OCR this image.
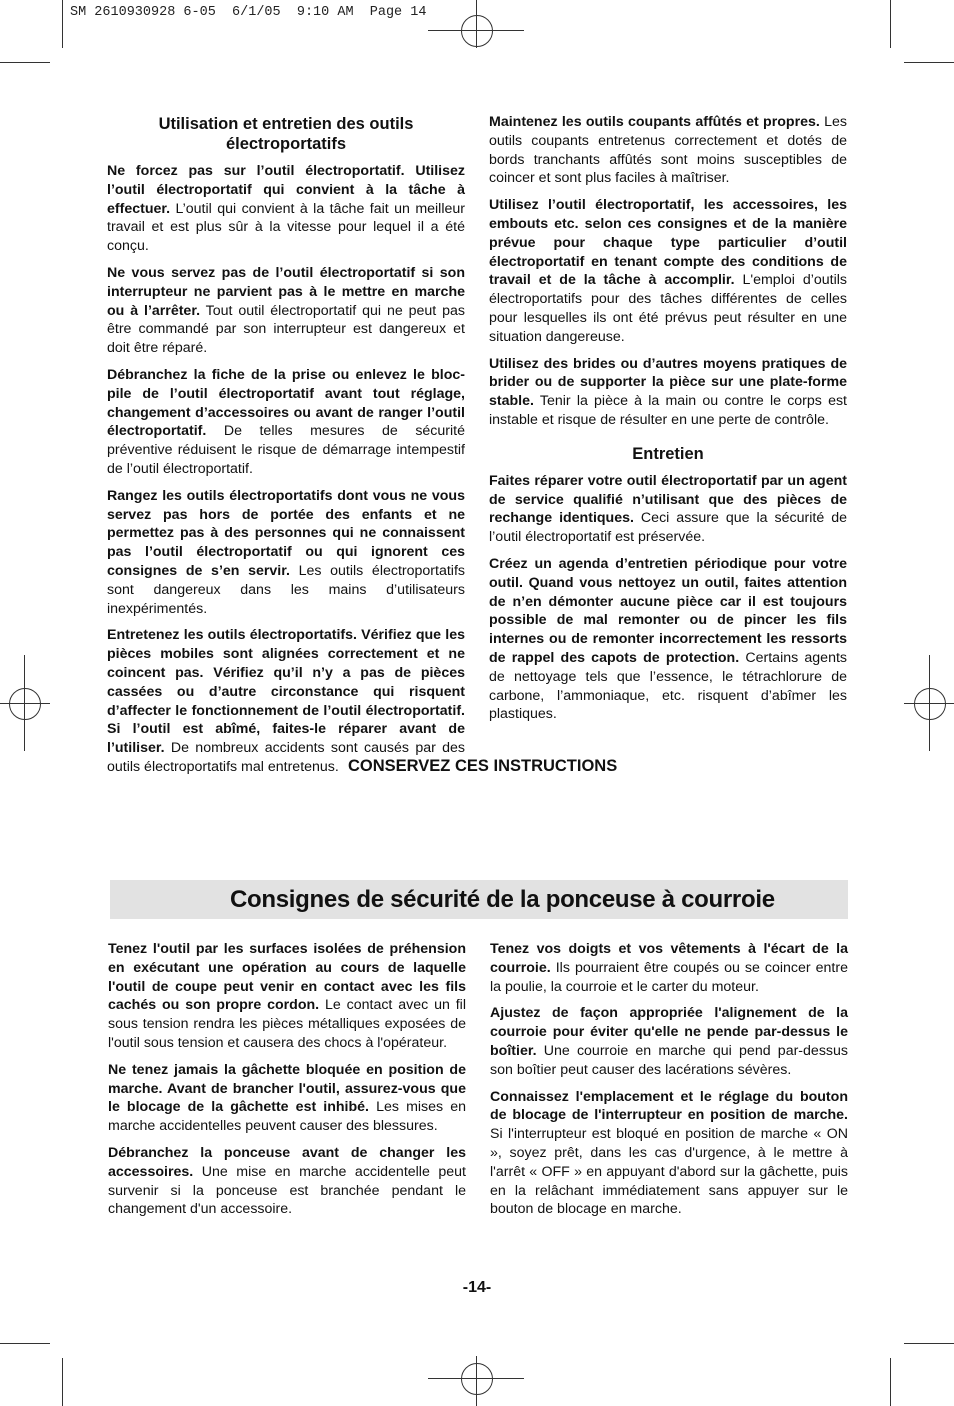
SM 2610930928 6-05  6/1/05  9:10 AM  Page 14
Utilisation et entretien des outils électroportatifs

Ne forcez pas sur l’outil électroportatif. Utilisez l’outil électroportatif qui convient à la tâche à effectuer. L’outil qui convient à la tâche fait un meilleur travail et est plus sûr à la vitesse pour lequel il a été conçu.

Ne vous servez pas de l’outil électroportatif si son interrupteur ne parvient pas à le mettre en marche ou à l’arrêter. Tout outil électroportatif qui ne peut pas être commandé par son interrupteur est dangereux et doit être réparé.

Débranchez la fiche de la prise ou enlevez le bloc-pile de l’outil électroportatif avant tout réglage, changement d’accessoires ou avant de ranger l’outil électroportatif. De telles mesures de sécurité préventive réduisent le risque de démarrage intempestif de l’outil électroportatif.

Rangez les outils électroportatifs dont vous ne vous servez pas hors de portée des enfants et ne permettez pas à des personnes qui ne connaissent pas l’outil électroportatif ou qui ignorent ces consignes de s’en servir. Les outils électroportatifs sont dangereux dans les mains d’utilisateurs inexpérimentés.

Entretenez les outils électroportatifs. Vérifiez que les pièces mobiles sont alignées correctement et ne coincent pas. Vérifiez qu’il n’y a pas de pièces cassées ou d’autre circonstance qui risquent d’affecter le fonctionnement de l’outil électroportatif. Si l’outil est abîmé, faites-le réparer avant de l’utiliser. De nombreux accidents sont causés par des outils électroportatifs mal entretenus.

Maintenez les outils coupants affûtés et propres. Les outils coupants entretenus correctement et dotés de bords tranchants affûtés sont moins susceptibles de coincer et sont plus faciles à maîtriser.

Utilisez l’outil électroportatif, les accessoires, les embouts etc. selon ces consignes et de la manière prévue pour chaque type particulier d’outil électroportatif en tenant compte des conditions de travail et de la tâche à accomplir. L'emploi d’outils électroportatifs pour des tâches différentes de celles pour lesquelles ils ont été prévus peut résulter en une situation dangereuse.

Utilisez des brides ou d’autres moyens pratiques de brider ou de supporter la pièce sur une plate-forme stable. Tenir la pièce à la main ou contre le corps est instable et risque de résulter en une perte de contrôle.

Entretien

Faites réparer votre outil électroportatif par un agent de service qualifié n’utilisant que des pièces de rechange identiques. Ceci assure que la sécurité de l’outil électroportatif est préservée.

Créez un agenda d’entretien périodique pour votre outil. Quand vous nettoyez un outil, faites attention de n’en démonter aucune pièce car il est toujours possible de mal remonter ou de pincer les fils internes ou de remonter incorrectement les ressorts de rappel des capots de protection. Certains agents de nettoyage tels que l’essence, le tétrachlorure de carbone, l’ammoniaque, etc. risquent d’abîmer les plastiques.

CONSERVEZ CES INSTRUCTIONS
Consignes de sécurité de la ponceuse à courroie

Tenez l'outil par les surfaces isolées de préhension en exécutant une opération au cours de laquelle l'outil de coupe peut venir en contact avec les fils cachés ou son propre cordon. Le contact avec un fil sous tension rendra les pièces métalliques exposées de l'outil sous tension et causera des chocs à l'opérateur.

Ne tenez jamais la gâchette bloquée en position de marche. Avant de brancher l'outil, assurez-vous que le blocage de la gâchette est inhibé. Les mises en marche accidentelles peuvent causer des blessures.

Débranchez la ponceuse avant de changer les accessoires. Une mise en marche accidentelle peut survenir si la ponceuse est branchée pendant le changement d'un accessoire.

Tenez vos doigts et vos vêtements à l'écart de la courroie. Ils pourraient être coupés ou se coincer entre la poulie, la courroie et le carter du moteur.

Ajustez de façon appropriée l'alignement de la courroie pour éviter qu'elle ne pende par-dessus le boîtier. Une courroie en marche qui pend par-dessus son boîtier peut causer des lacérations sévères.

Connaissez l'emplacement et le réglage du bouton de blocage de l'interrupteur en position de marche. Si l'interrupteur est bloqué en position de marche « ON », soyez prêt, dans les cas d'urgence, à le mettre à l'arrêt « OFF » en appuyant d'abord sur la gâchette, puis en la relâchant immédiatement sans appuyer sur le bouton de blocage en marche.

-14-
